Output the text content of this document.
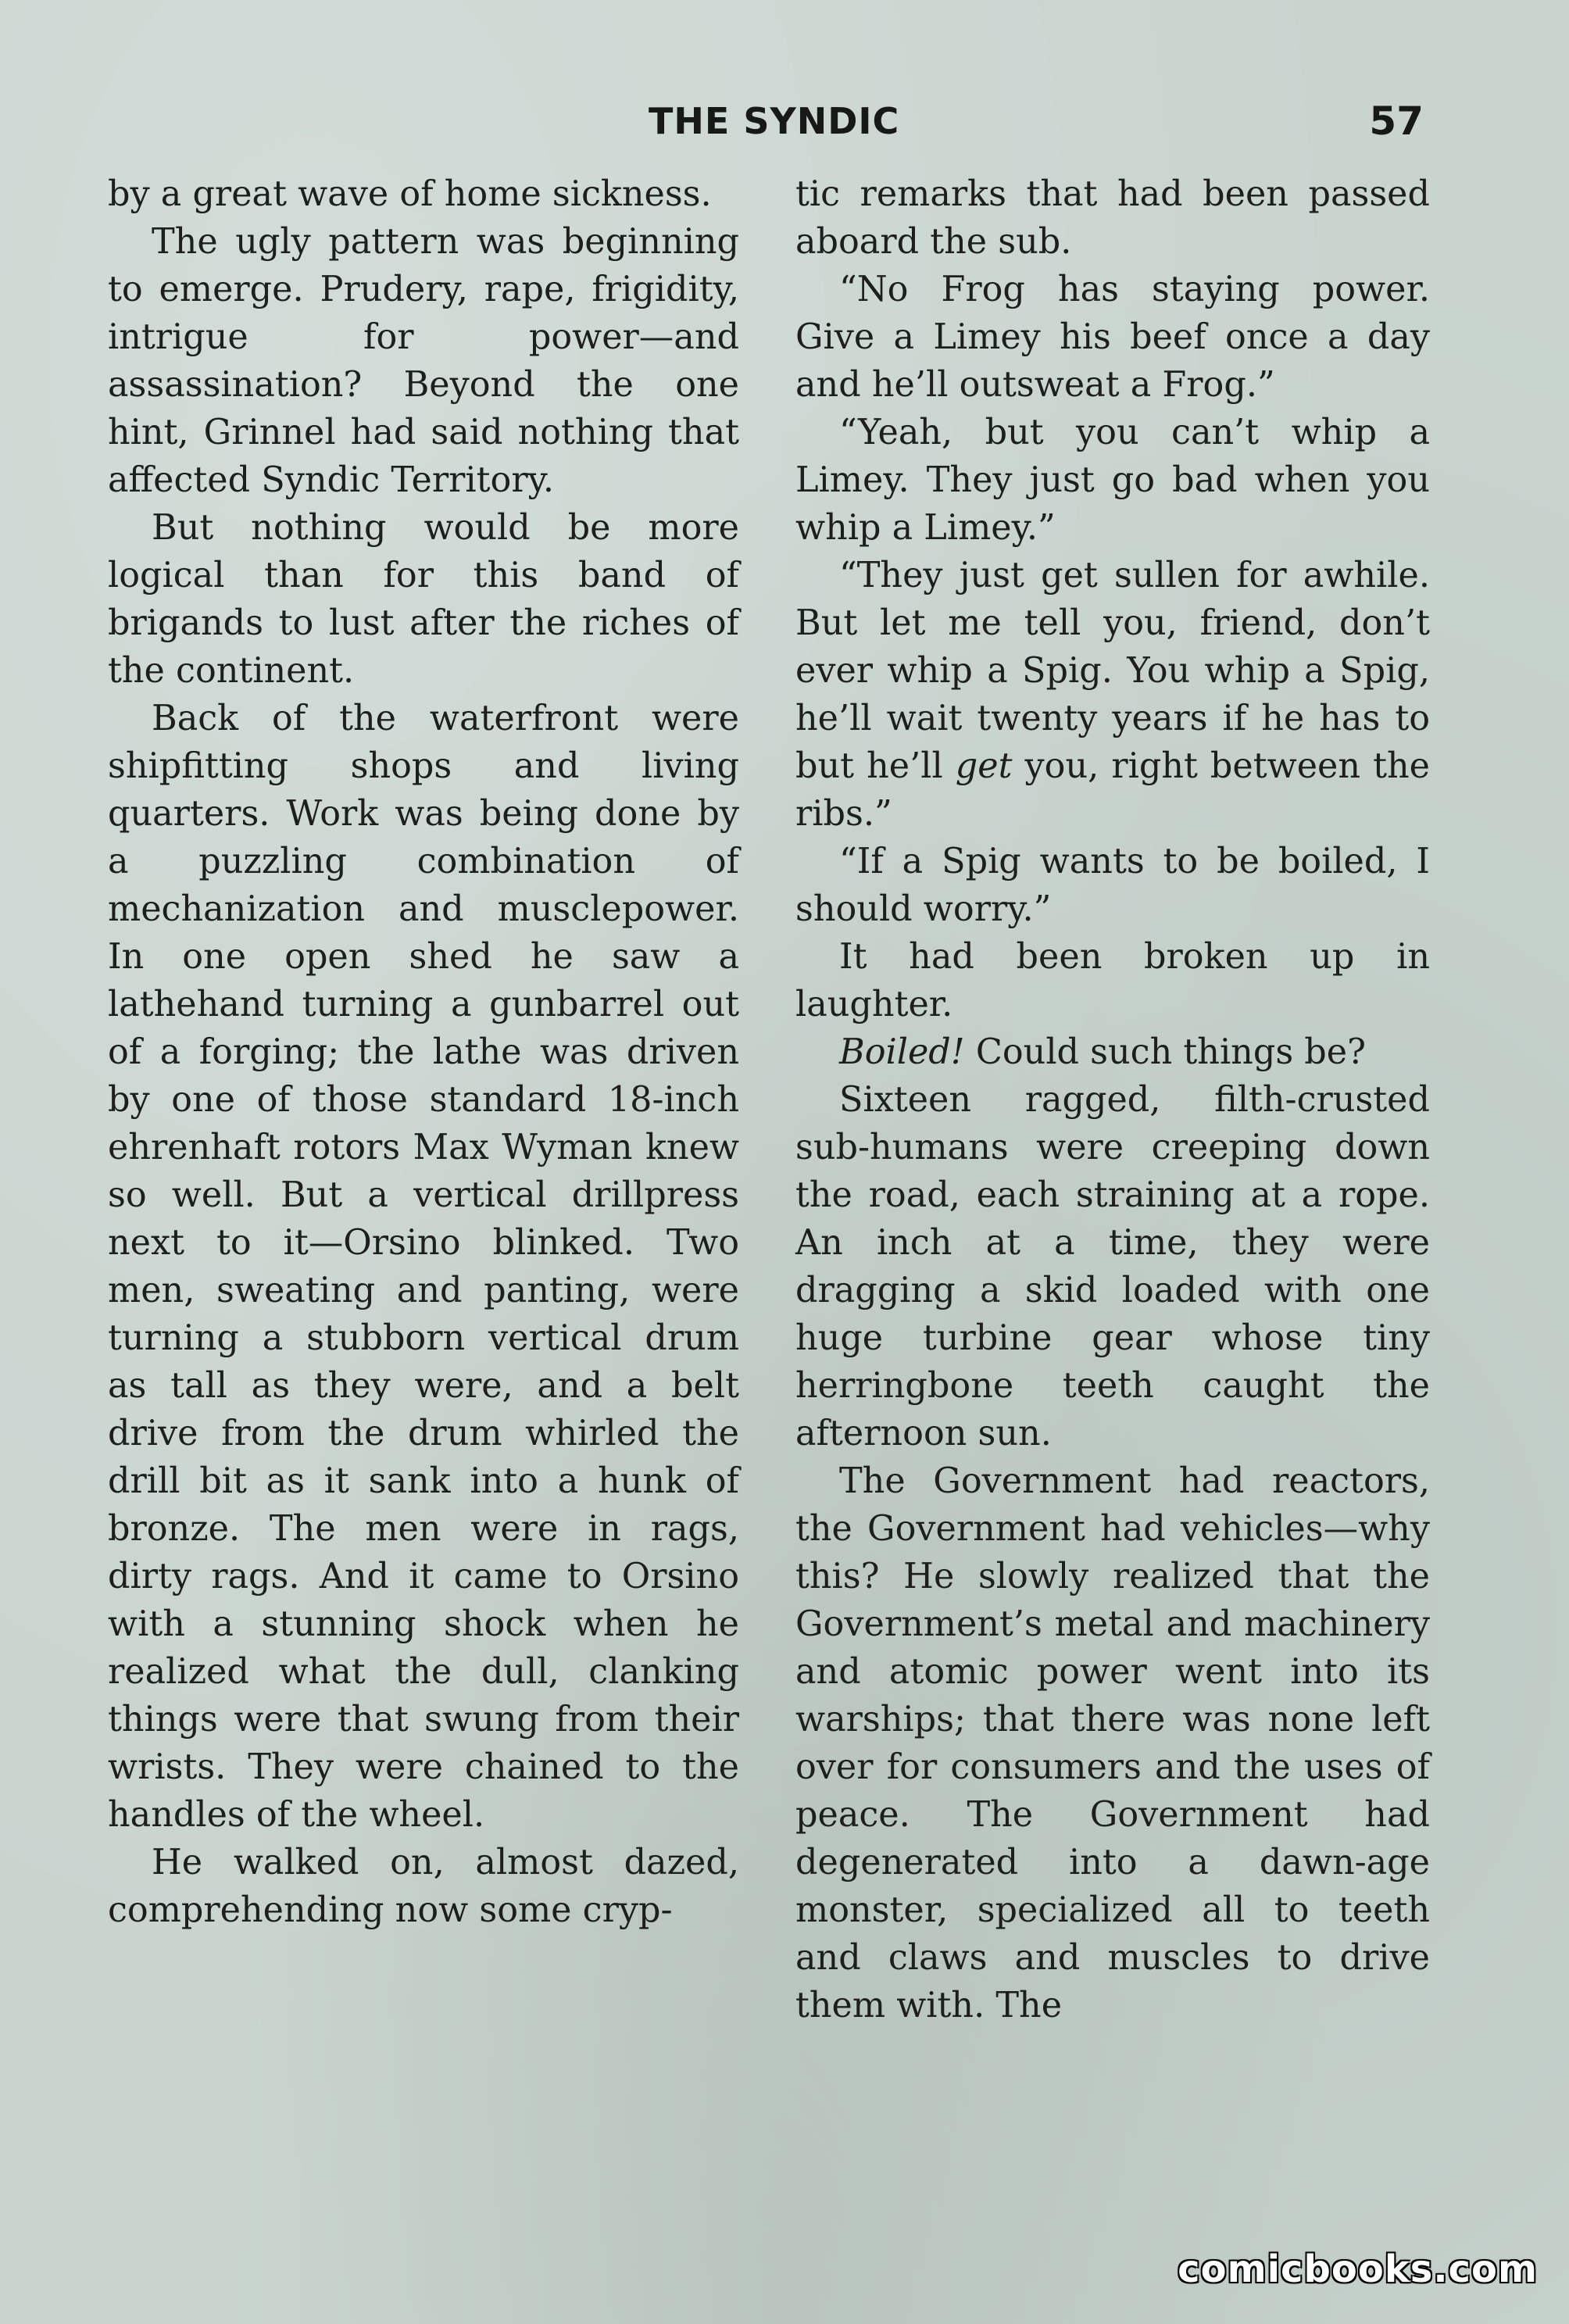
THE SYNDIC	57

by a great wave of home sickness.

The ugly pattern was beginning to emerge. Prudery, rape, frigidity, intrigue for power—and assassination? Beyond the one hint, Grinnel had said nothing that affected Syndic Territory.

But nothing would be more logical than for this band of brigands to lust after the riches of the continent.

Back of the waterfront were shipfitting shops and living quarters. Work was being done by a puzzling combination of mechanization and musclepower. In one open shed he saw a lathehand turning a gunbarrel out of a forging; the lathe was driven by one of those standard 18-inch ehrenhaft rotors Max Wyman knew so well. But a vertical drillpress next to it—Orsino blinked. Two men, sweating and panting, were turning a stubborn vertical drum as tall as they were, and a belt drive from the drum whirled the drill bit as it sank into a hunk of bronze. The men were in rags, dirty rags. And it came to Orsino with a stunning shock when he realized what the dull, clanking things were that swung from their wrists. They were chained to the handles of the wheel.

He walked on, almost dazed, comprehending now some cryp-

tic remarks that had been passed aboard the sub.

“No Frog has staying power. Give a Limey his beef once a day and he’ll outsweat a Frog.”

“Yeah, but you can’t whip a Limey. They just go bad when you whip a Limey.”

“They just get sullen for awhile. But let me tell you, friend, don’t ever whip a Spig. You whip a Spig, he’ll wait twenty years if he has to but he’ll get you, right between the ribs.”

“If a Spig wants to be boiled, I should worry.”

It had been broken up in laughter.

Boiled! Could such things be?

Sixteen ragged, filth-crusted sub-humans were creeping down the road, each straining at a rope. An inch at a time, they were dragging a skid loaded with one huge turbine gear whose tiny herringbone teeth caught the afternoon sun.

The Government had reactors, the Government had vehicles—why this? He slowly realized that the Government’s metal and machinery and atomic power went into its warships; that there was none left over for consumers and the uses of peace. The Government had degenerated into a dawn-age monster, specialized all to teeth and claws and muscles to drive them with. The

comicbooks.com
